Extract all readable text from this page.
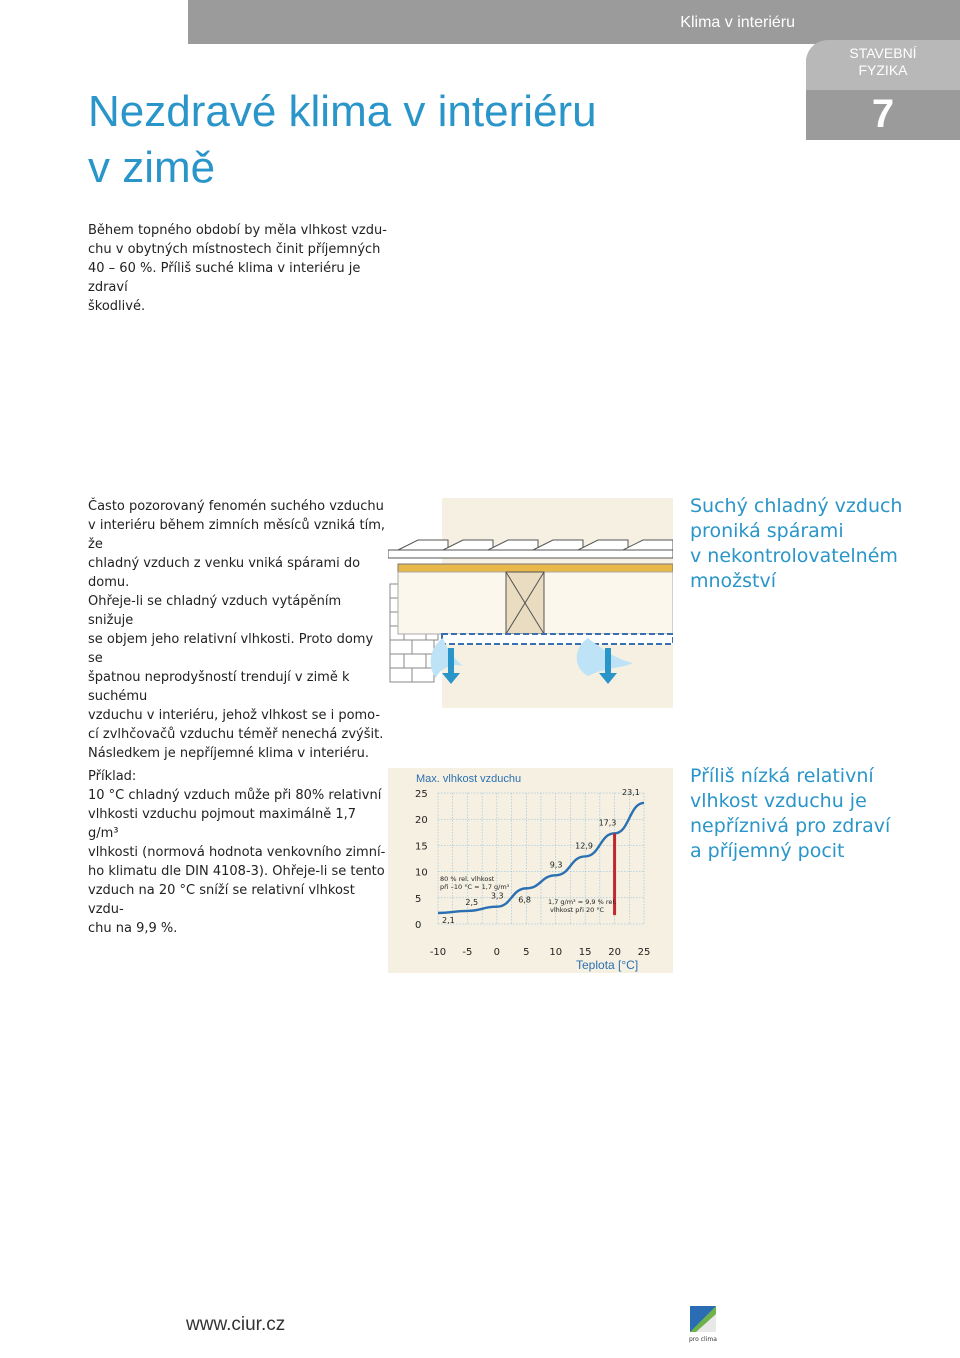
Klima v interiéru
STAVEBNÍ
FYZIKA
7
Nezdravé klima v interiéru
v zimě
Během topného období by měla vlhkost vzdu-
chu v obytných místnostech činit příjemných
40 – 60 %. Příliš suché klima v interiéru je zdraví
škodlivé.
Často pozorovaný fenomén suchého vzduchu
v interiéru během zimních měsíců vzniká tím, že
chladný vzduch z venku vniká spárami do domu.
Ohřeje-li se chladný vzduch vytápěním snižuje
se objem jeho relativní vlhkosti. Proto domy se
špatnou neprodyšností trendují v zimě k suchému
vzduchu v interiéru, jehož vlhkost se i pomo-
cí zvlhčovačů vzduchu téměř nenechá zvýšit.
Následkem je nepříjemné klima v interiéru.
Suchý chladný vzduch
proniká spárami
v nekontrolovatelném
množství
Příklad:
10 °C chladný vzduch může při 80% relativní
vlhkosti vzduchu pojmout maximálně 1,7 g/m³
vlhkosti (normová hodnota venkovního zimní-
ho klimatu dle DIN 4108-3). Ohřeje-li se tento
vzduch na 20 °C sníží se relativní vlhkost vzdu-
chu na 9,9 %.
Max. vlhkost vzduchu
0
5
10
15
20
25
-10 -5 0 5 10 15 20 25
2,1
2,5
3,3 6,8
9,3
12,9
17,3
23,1
80 % rel. vlhkost
při –10 °C = 1,7 g/m³
1,7 g/m³ = 9,9 % rel.
vlhkost při 20 °C
Teplota [°C]
Příliš nízká relativní
vlhkost vzduchu je
nepříznivá pro zdraví
a příjemný pocit
www.ciur.cz
pro clima
